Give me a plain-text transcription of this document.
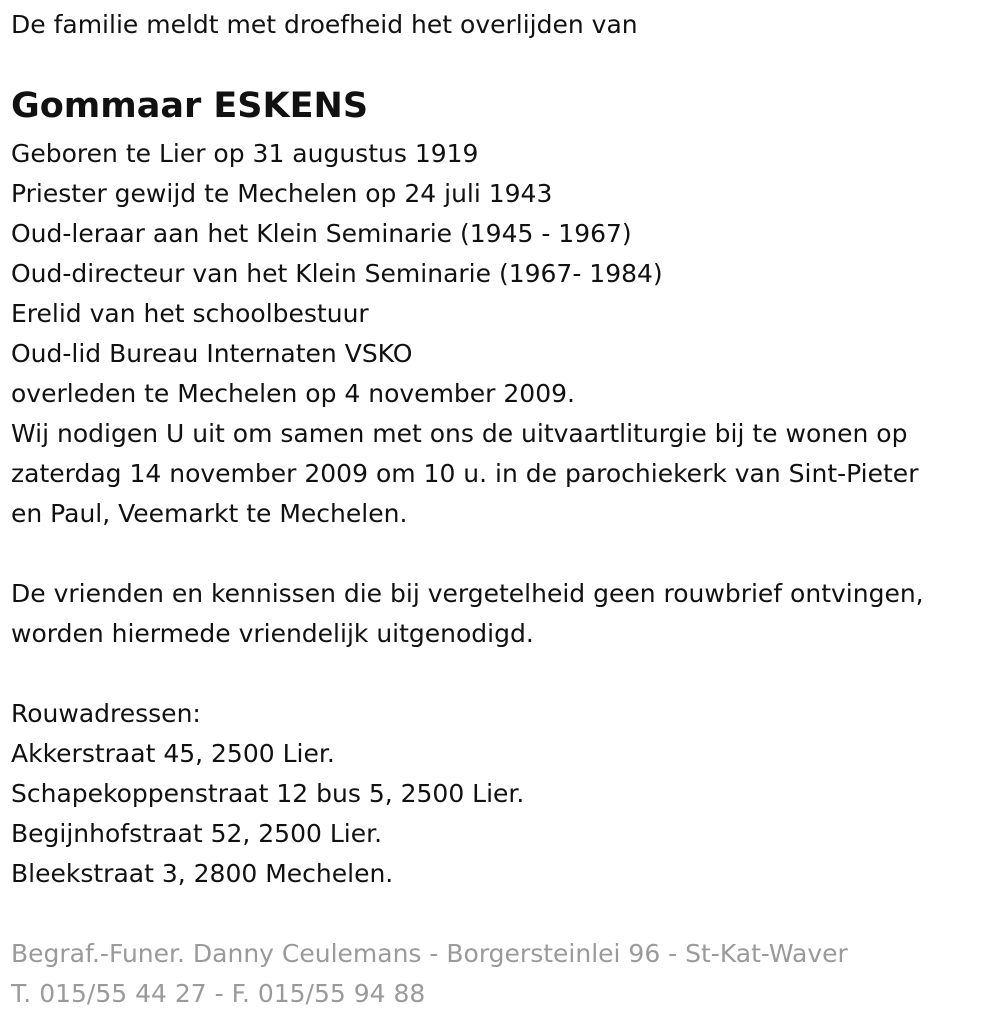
De familie meldt met droefheid het overlijden van
Gommaar ESKENS
Geboren te Lier op 31 augustus 1919
Priester gewijd te Mechelen op 24 juli 1943
Oud-leraar aan het Klein Seminarie (1945 - 1967)
Oud-directeur van het Klein Seminarie (1967- 1984)
Erelid van het schoolbestuur
Oud-lid Bureau Internaten VSKO
overleden te Mechelen op 4 november 2009.
Wij nodigen U uit om samen met ons de uitvaartliturgie bij te wonen op
zaterdag 14 november 2009 om 10 u. in de parochiekerk van Sint-Pieter
en Paul, Veemarkt te Mechelen.
De vrienden en kennissen die bij vergetelheid geen rouwbrief ontvingen,
worden hiermede vriendelijk uitgenodigd.
Rouwadressen:
Akkerstraat 45, 2500 Lier.
Schapekoppenstraat 12 bus 5, 2500 Lier.
Begijnhofstraat 52, 2500 Lier.
Bleekstraat 3, 2800 Mechelen.
Begraf.-Funer. Danny Ceulemans - Borgersteinlei 96 - St-Kat-Waver
T. 015/55 44 27 - F. 015/55 94 88
